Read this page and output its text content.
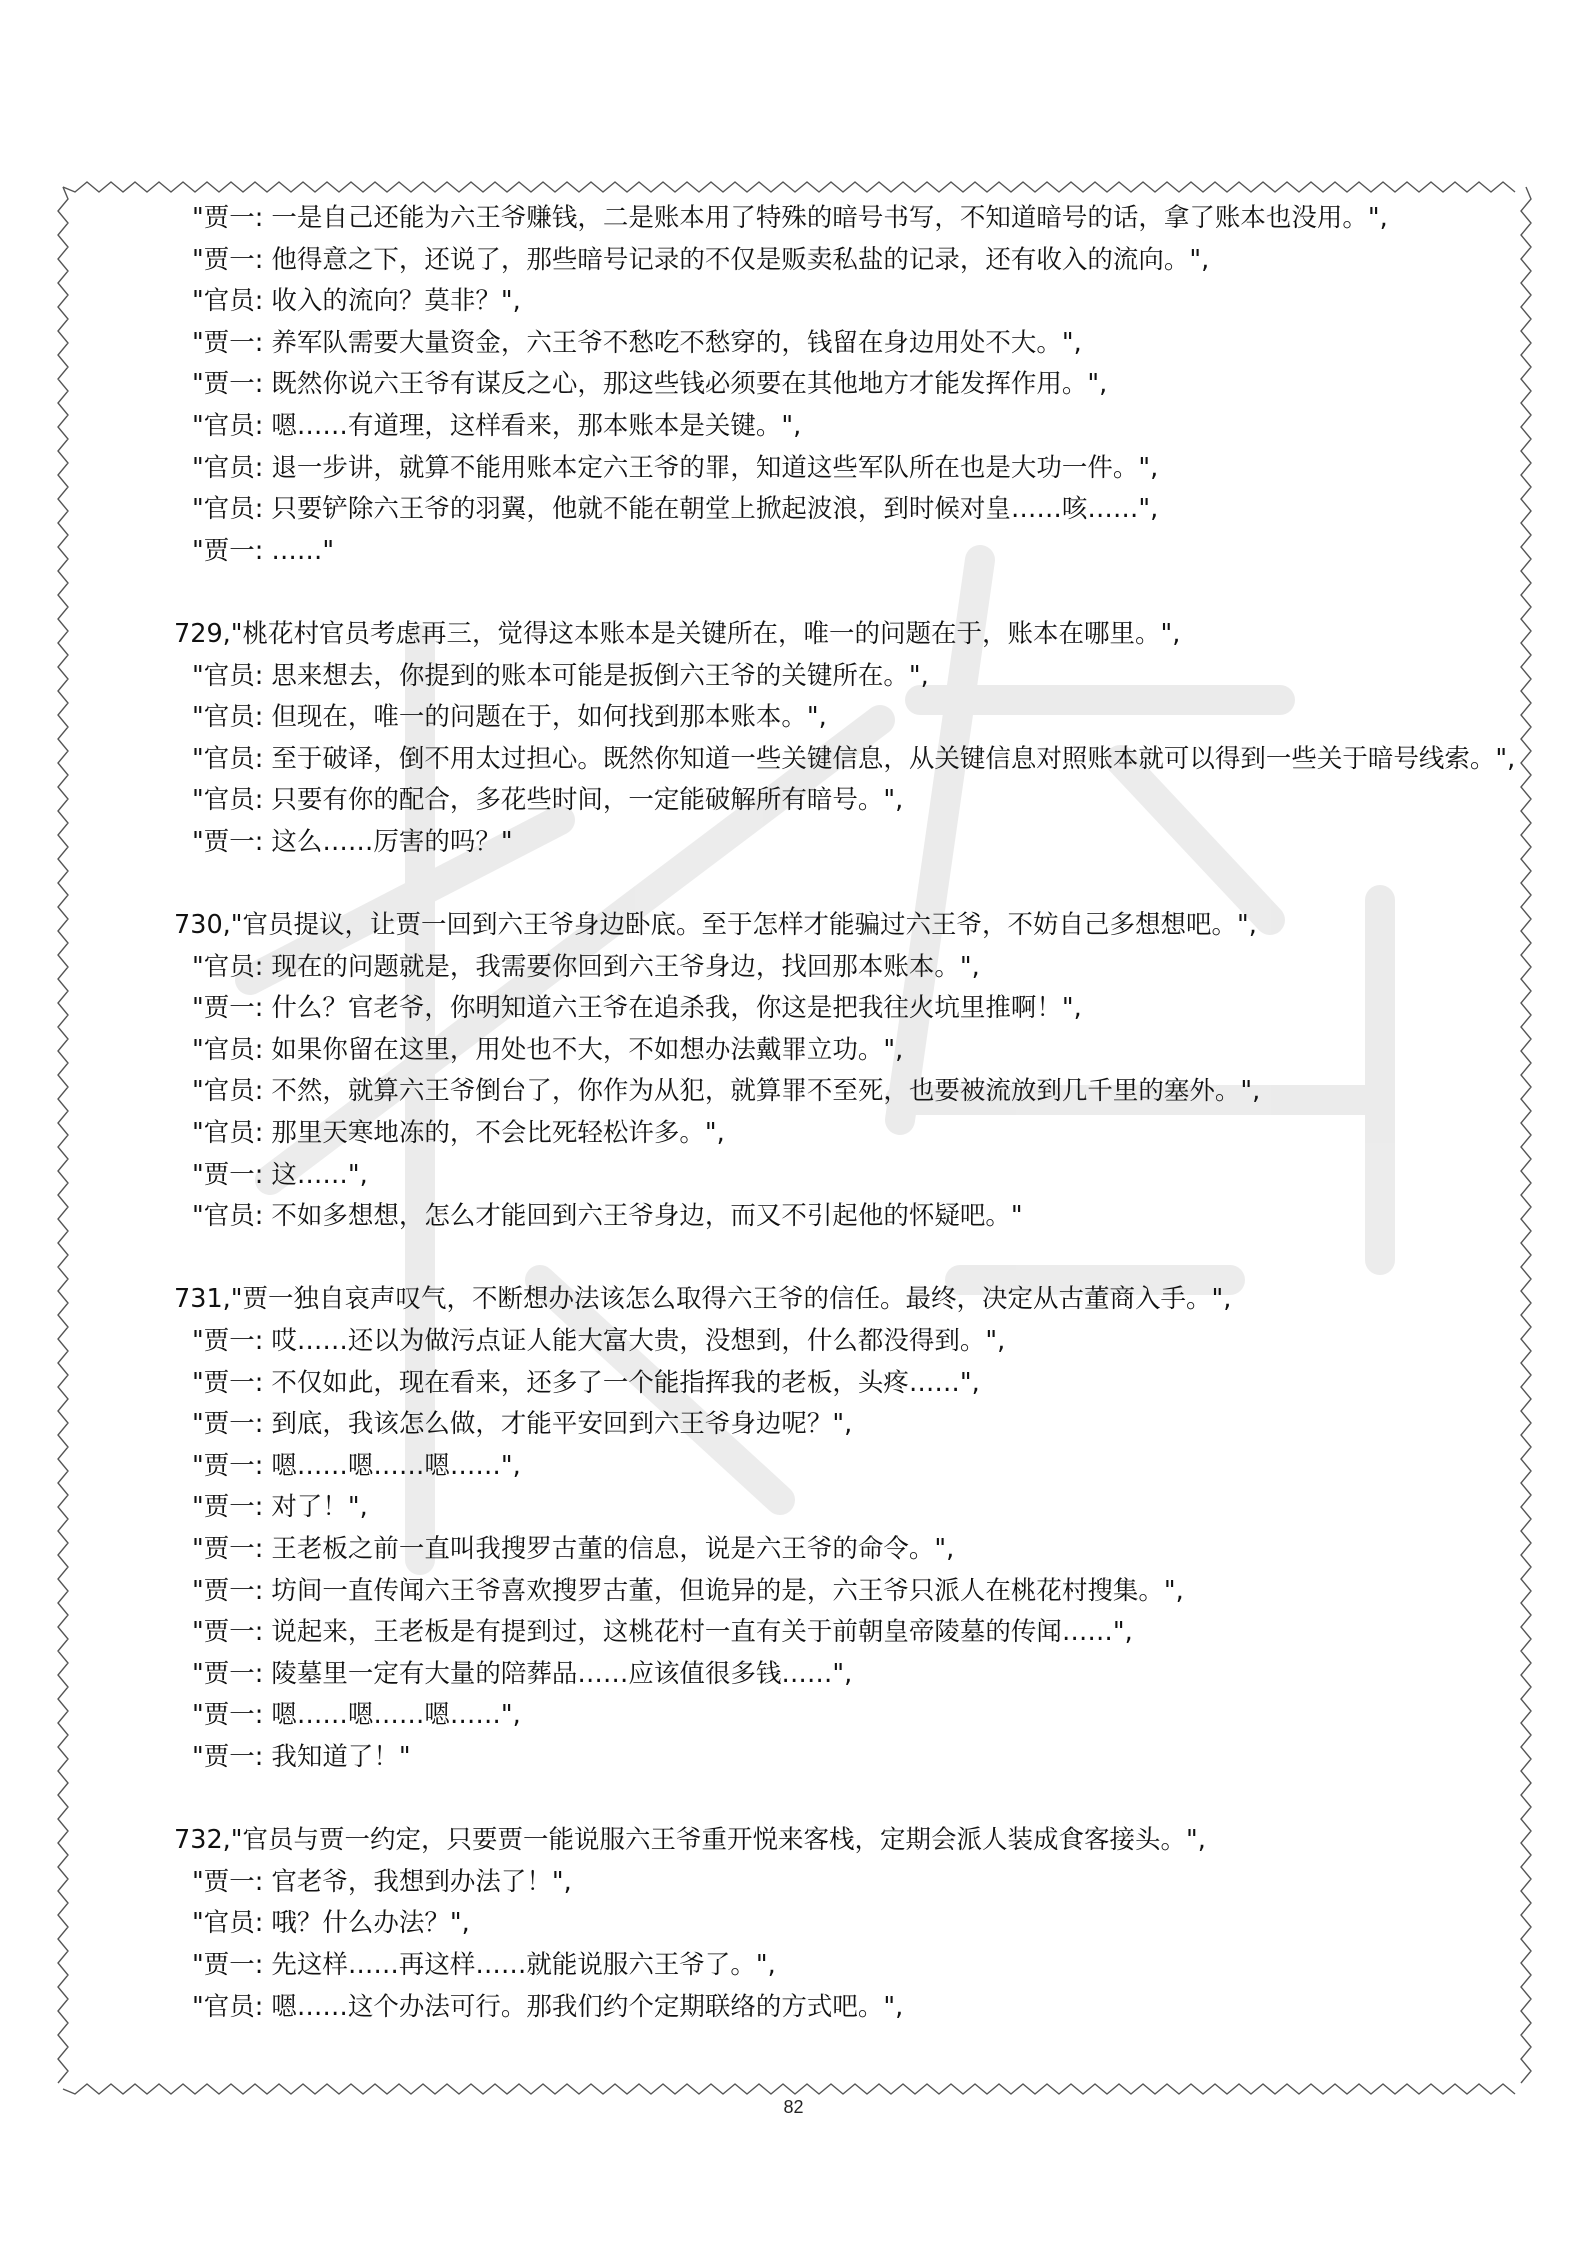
"贾一: 一是自己还能为六王爷赚钱，二是账本用了特殊的暗号书写，不知道暗号的话，拿了账本也没用。",
"贾一: 他得意之下，还说了，那些暗号记录的不仅是贩卖私盐的记录，还有收入的流向。",
"官员: 收入的流向？莫非？",
"贾一: 养军队需要大量资金，六王爷不愁吃不愁穿的，钱留在身边用处不大。",
"贾一: 既然你说六王爷有谋反之心，那这些钱必须要在其他地方才能发挥作用。",
"官员: 嗯……有道理，这样看来，那本账本是关键。",
"官员: 退一步讲，就算不能用账本定六王爷的罪，知道这些军队所在也是大功一件。",
"官员: 只要铲除六王爷的羽翼，他就不能在朝堂上掀起波浪，到时候对皇……咳……",
"贾一: ……"
729,"桃花村官员考虑再三，觉得这本账本是关键所在，唯一的问题在于，账本在哪里。",
"官员: 思来想去，你提到的账本可能是扳倒六王爷的关键所在。",
"官员: 但现在，唯一的问题在于，如何找到那本账本。",
"官员: 至于破译，倒不用太过担心。既然你知道一些关键信息，从关键信息对照账本就可以得到一些关于暗号线索。",
"官员: 只要有你的配合，多花些时间，一定能破解所有暗号。",
"贾一: 这么……厉害的吗？"
730,"官员提议，让贾一回到六王爷身边卧底。至于怎样才能骗过六王爷，不妨自己多想想吧。",
"官员: 现在的问题就是，我需要你回到六王爷身边，找回那本账本。",
"贾一: 什么？官老爷，你明知道六王爷在追杀我，你这是把我往火坑里推啊！",
"官员: 如果你留在这里，用处也不大，不如想办法戴罪立功。",
"官员: 不然，就算六王爷倒台了，你作为从犯，就算罪不至死，也要被流放到几千里的塞外。",
"官员: 那里天寒地冻的，不会比死轻松许多。",
"贾一: 这……",
"官员: 不如多想想，怎么才能回到六王爷身边，而又不引起他的怀疑吧。"
731,"贾一独自哀声叹气，不断想办法该怎么取得六王爷的信任。最终，决定从古董商入手。",
"贾一: 哎……还以为做污点证人能大富大贵，没想到，什么都没得到。",
"贾一: 不仅如此，现在看来，还多了一个能指挥我的老板，头疼……",
"贾一: 到底，我该怎么做，才能平安回到六王爷身边呢？",
"贾一: 嗯……嗯……嗯……",
"贾一: 对了！",
"贾一: 王老板之前一直叫我搜罗古董的信息，说是六王爷的命令。",
"贾一: 坊间一直传闻六王爷喜欢搜罗古董，但诡异的是，六王爷只派人在桃花村搜集。",
"贾一: 说起来，王老板是有提到过，这桃花村一直有关于前朝皇帝陵墓的传闻……",
"贾一: 陵墓里一定有大量的陪葬品……应该值很多钱……",
"贾一: 嗯……嗯……嗯……",
"贾一: 我知道了！"
732,"官员与贾一约定，只要贾一能说服六王爷重开悦来客栈，定期会派人装成食客接头。",
"贾一: 官老爷，我想到办法了！",
"官员: 哦？什么办法？",
"贾一: 先这样……再这样……就能说服六王爷了。",
"官员: 嗯……这个办法可行。那我们约个定期联络的方式吧。",
82
